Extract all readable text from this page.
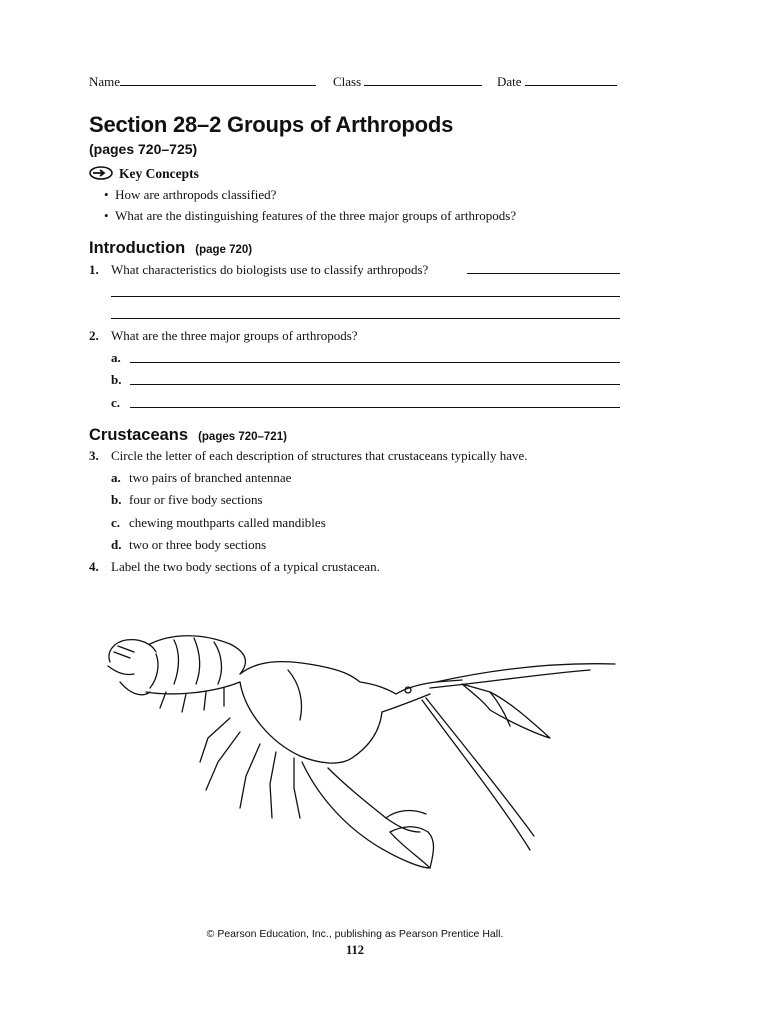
Name	Class	Date
Section 28–2 Groups of Arthropods
(pages 720–725)
Key Concepts
•  How are arthropods classified?
•  What are the distinguishing features of the three major groups of arthropods?
Introduction (page 720)
1. What characteristics do biologists use to classify arthropods?
2. What are the three major groups of arthropods?
a.
b.
c.
Crustaceans (pages 720–721)
3. Circle the letter of each description of structures that crustaceans typically have.
a. two pairs of branched antennae
b. four or five body sections
c. chewing mouthparts called mandibles
d. two or three body sections
4. Label the two body sections of a typical crustacean.
© Pearson Education, Inc., publishing as Pearson Prentice Hall.
112
